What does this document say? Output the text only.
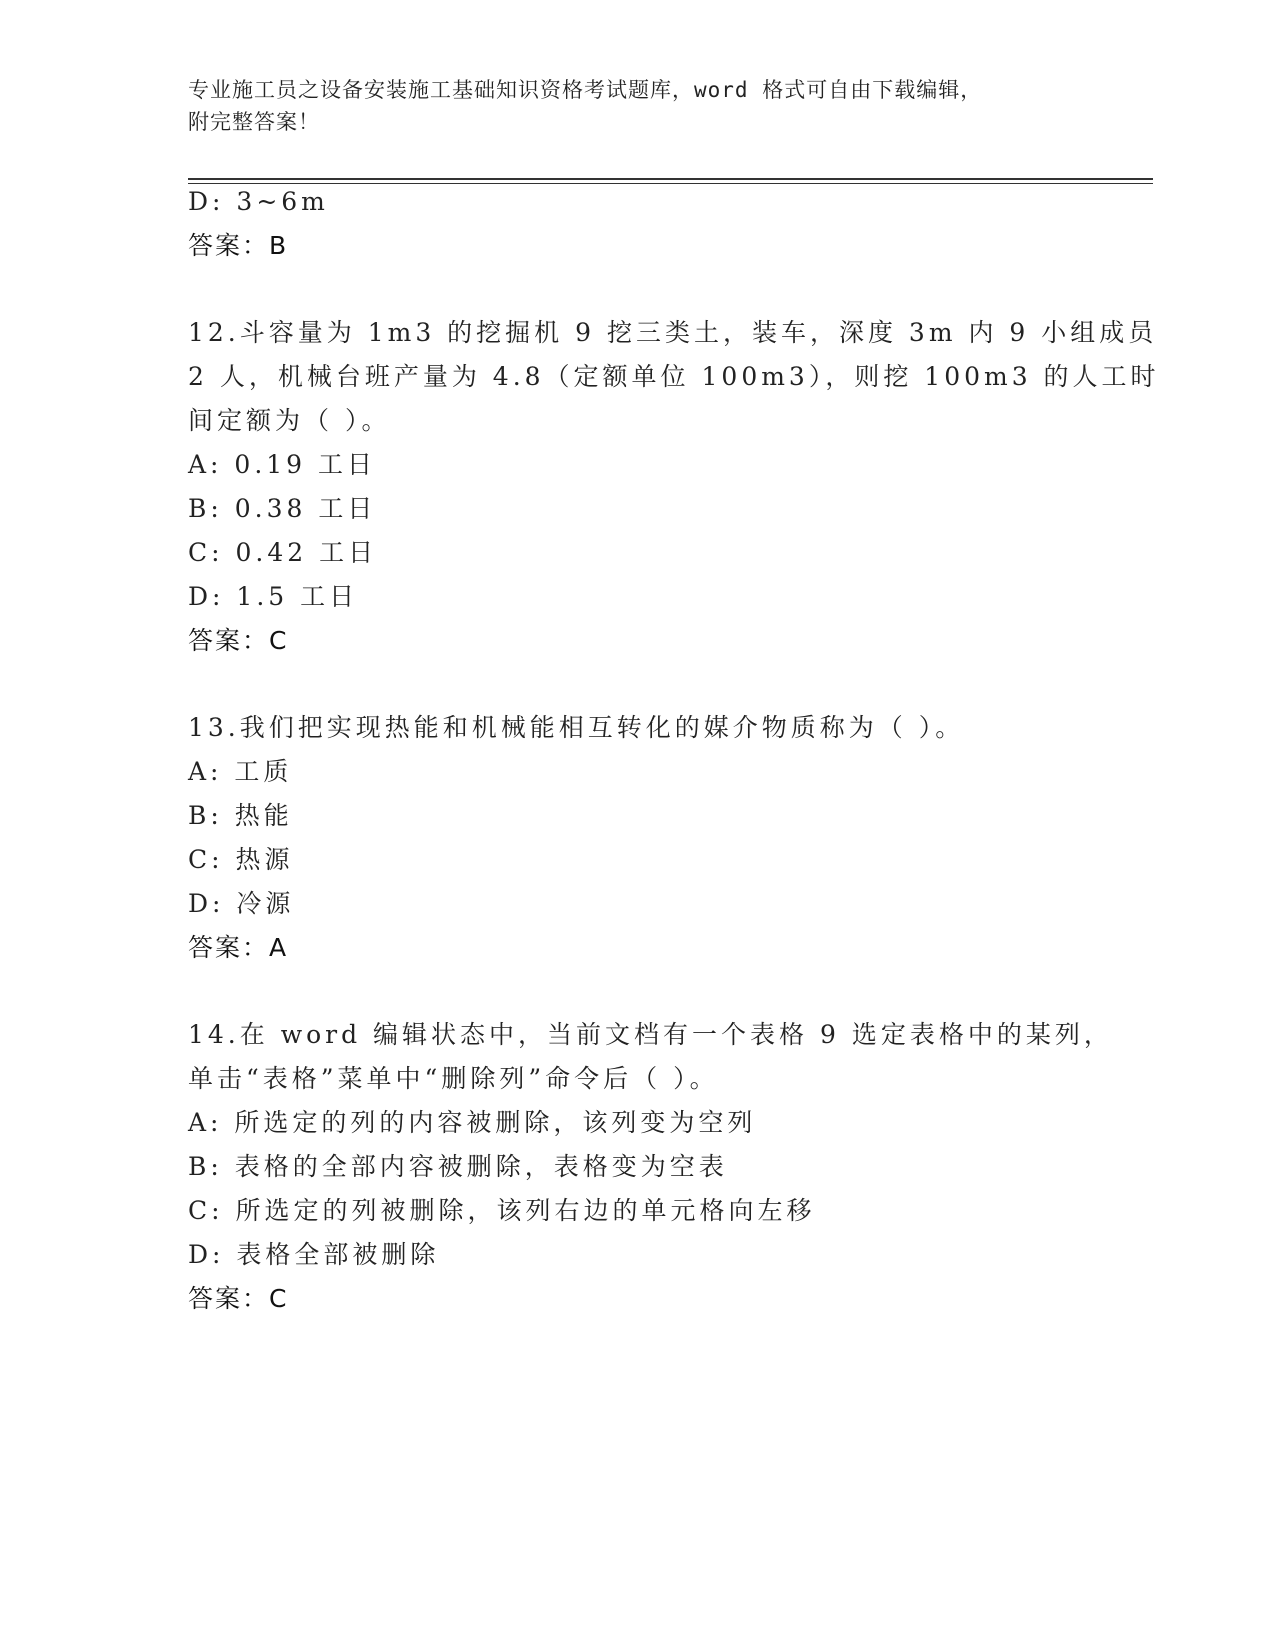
专业施工员之设备安装施工基础知识资格考试题库，word 格式可自由下载编辑，
附完整答案！
D: 3~6m
答案：B
12.斗容量为 1m3 的挖掘机 9 挖三类土，装车，深度 3m 内 9 小组成员
2 人，机械台班产量为 4.8（定额单位 100m3），则挖 100m3 的人工时
间定额为（ ）。
A: 0.19 工日
B: 0.38 工日
C: 0.42 工日
D: 1.5 工日
答案：C
13.我们把实现热能和机械能相互转化的媒介物质称为（ ）。
A: 工质
B: 热能
C: 热源
D: 冷源
答案：A
14.在 word 编辑状态中，当前文档有一个表格 9 选定表格中的某列，
单击“表格”菜单中“删除列”命令后（ ）。
A: 所选定的列的内容被删除，该列变为空列
B: 表格的全部内容被删除，表格变为空表
C: 所选定的列被删除，该列右边的单元格向左移
D: 表格全部被删除
答案：C
